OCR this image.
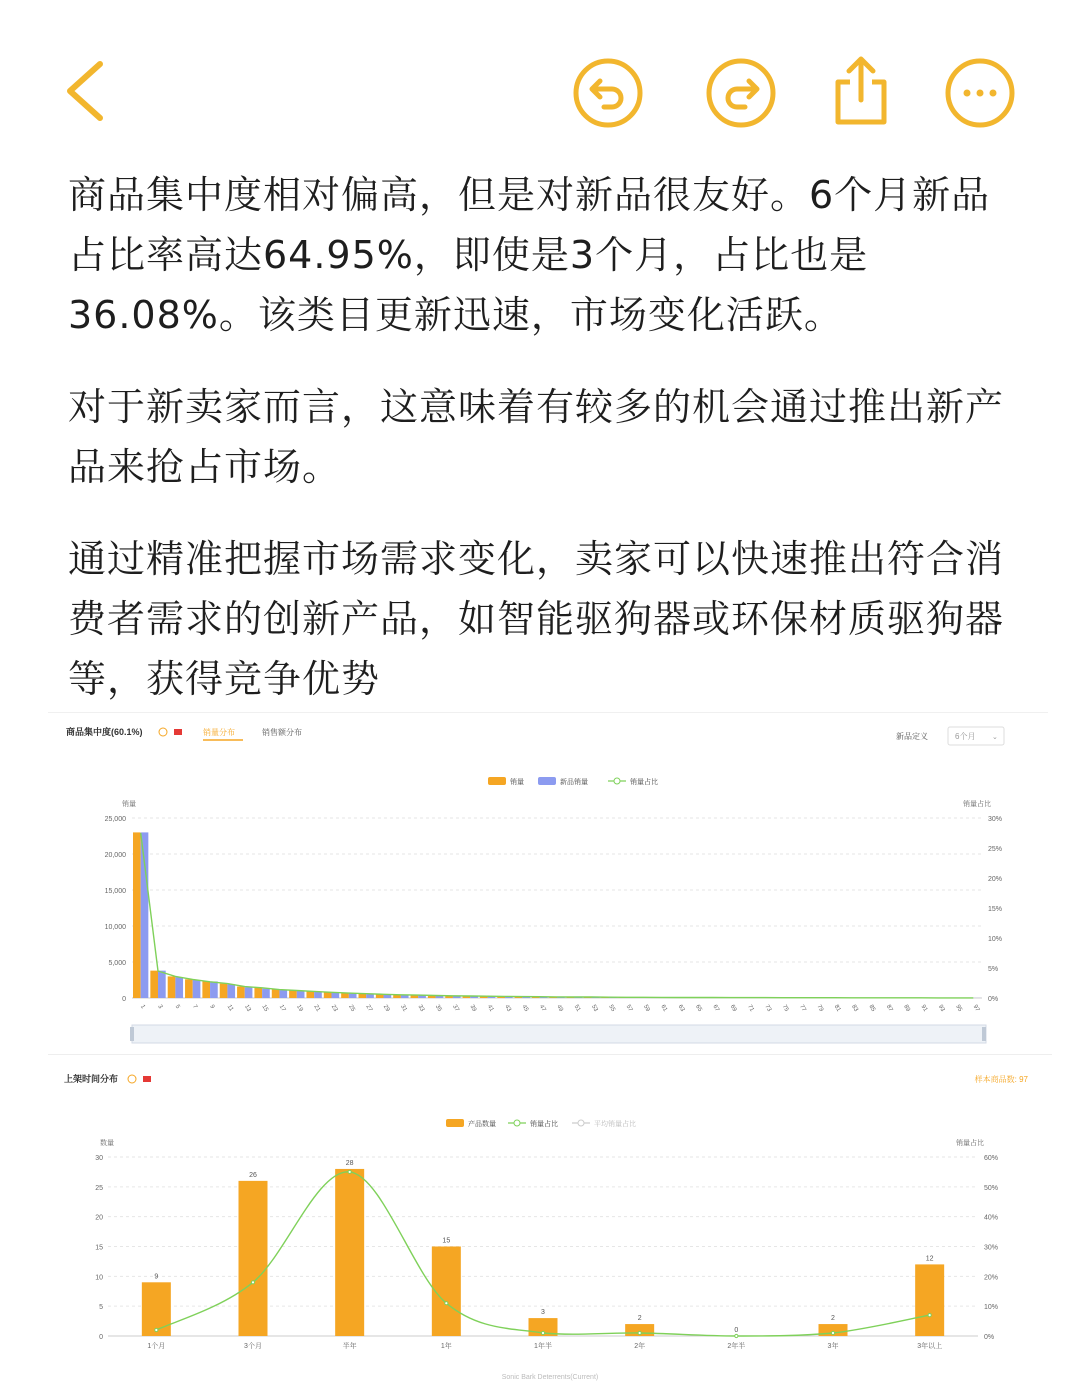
商品集中度相对偏高，但是对新品很友好。6个月新品占比率高达64.95%，即使是3个月，占比也是36.08%。该类目更新迅速，市场变化活跃。

对于新卖家而言，这意味着有较多的机会通过推出新产品来抢占市场。

通过精准把握市场需求变化，卖家可以快速推出符合消费者需求的创新产品，如智能驱狗器或环保材质驱狗器等，获得竞争优势

商品集中度(60.1%)	销量分布	销售额分布	新品定义	6个月 ⌄
销量	新品销量	销量占比
销量	销量占比
0
5,000
10,000
15,000
20,000
25,000
0%
5%
10%
15%
20%
25%
30%
1 3 5 7 9 11 13 15 17 19 21 23 25 27 29 31 33 35 37 39 41 43 45 47 49 51 53 55 57 59 61 63 65 67 69 71 73 75 77 79 81 83 85 87 89 91 93 95 97
上架时间分布	样本商品数: 97
产品数量	销量占比	平均销量占比
数量	销量占比
0
5
10
15
20
25
30
0%
10%
20%
30%
40%
50%
60%
9
26
28
15
3
2
0
2
12
1个月	3个月	半年	1年	1年半	2年	2年半	3年	3年以上
Sonic Bark Deterrents(Current)
